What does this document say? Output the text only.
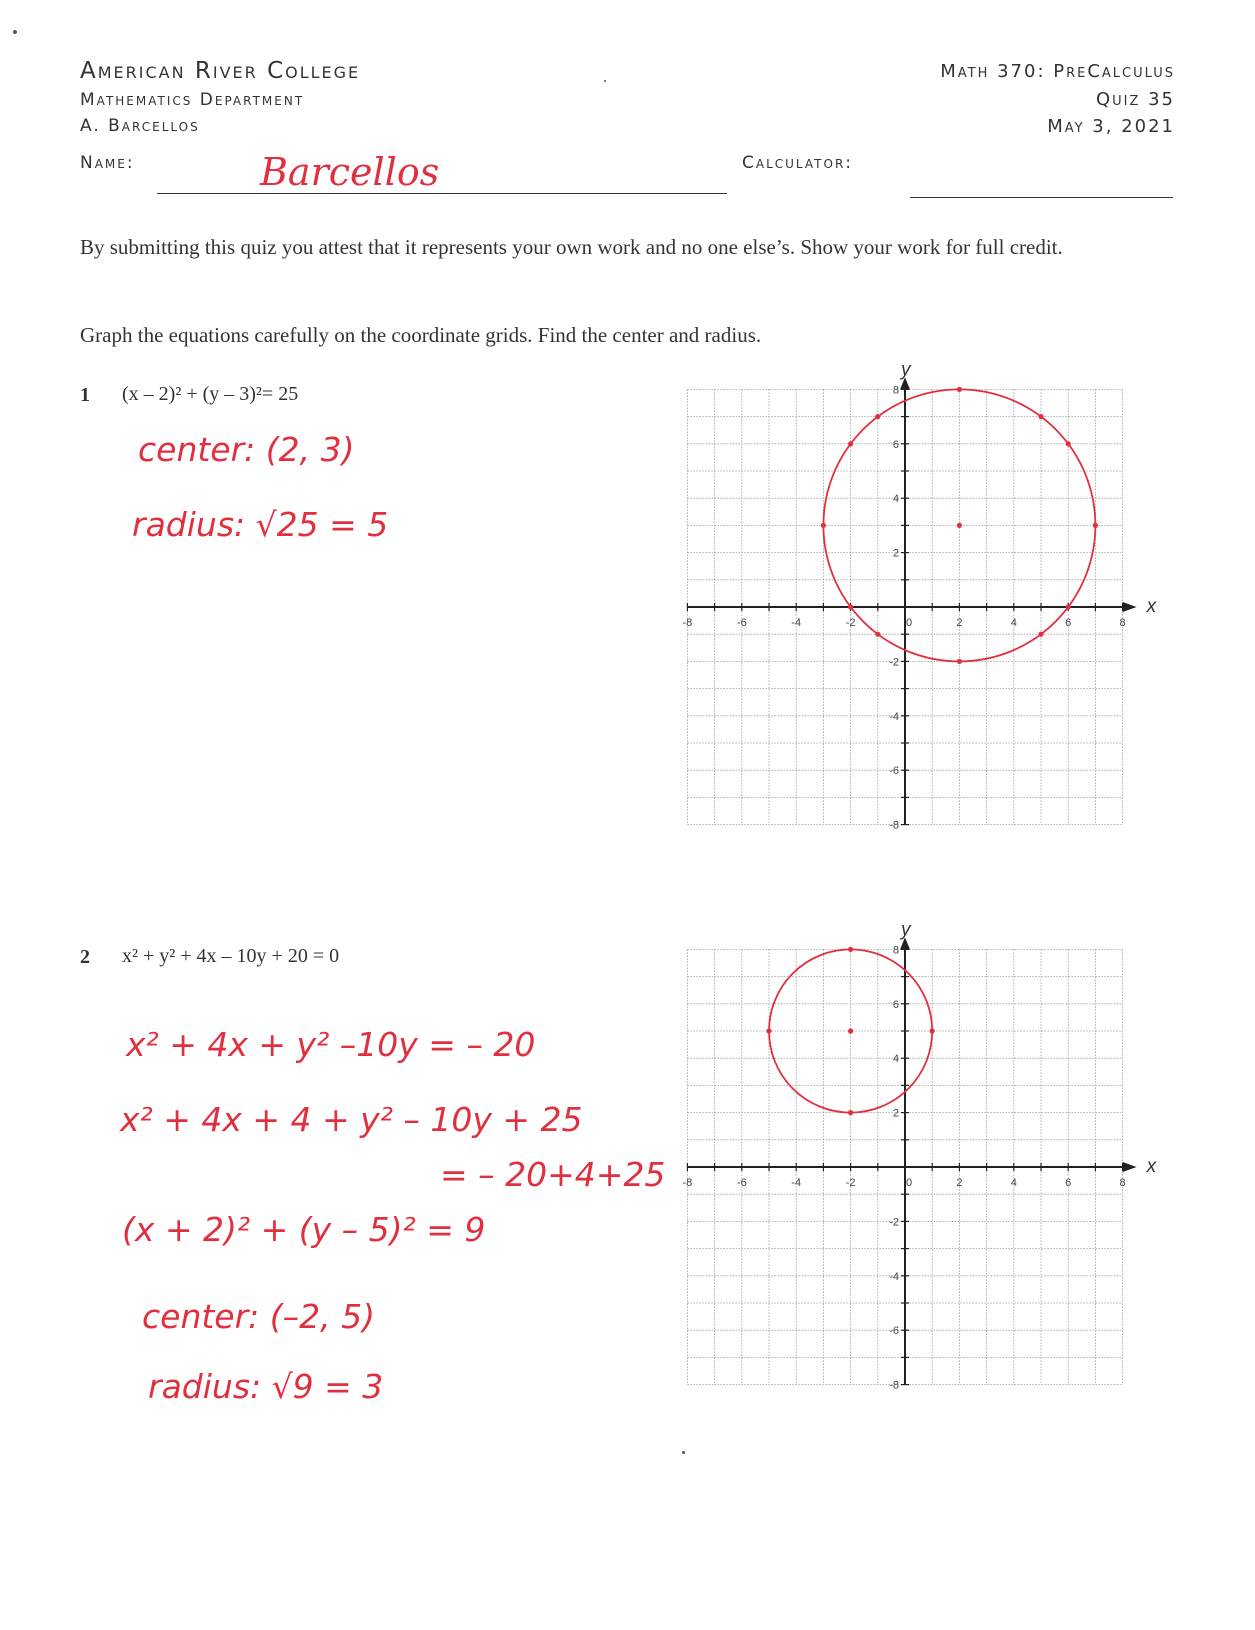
American River College
Mathematics Department
A. Barcellos
Math 370: PreCalculus
Quiz 35
May 3, 2021
Name:	Barcellos	Calculator:
By submitting this quiz you attest that it represents your own work and no one else’s. Show your work for full credit.
Graph the equations carefully on the coordinate grids. Find the center and radius.
1 (x – 2)² + (y – 3)²= 25
center: (2, 3)
radius: √25 = 5
2 x² + y² + 4x – 10y + 20 = 0
x² + 4x + y² –10y = – 20
x² + 4x + 4 + y² – 10y + 25
= – 20+4+25
(x + 2)² + (y – 5)² = 9
center: (–2, 5)
radius: √9 = 3
-8	-6	-4	-2	0	2	4	6	8
8
6
4
2
-2
-4
-6
-8
x
y
-8	-6	-4	-2	0	2	4	6	8
8
6
4
2
-2
-4
-6
-8
x
y
